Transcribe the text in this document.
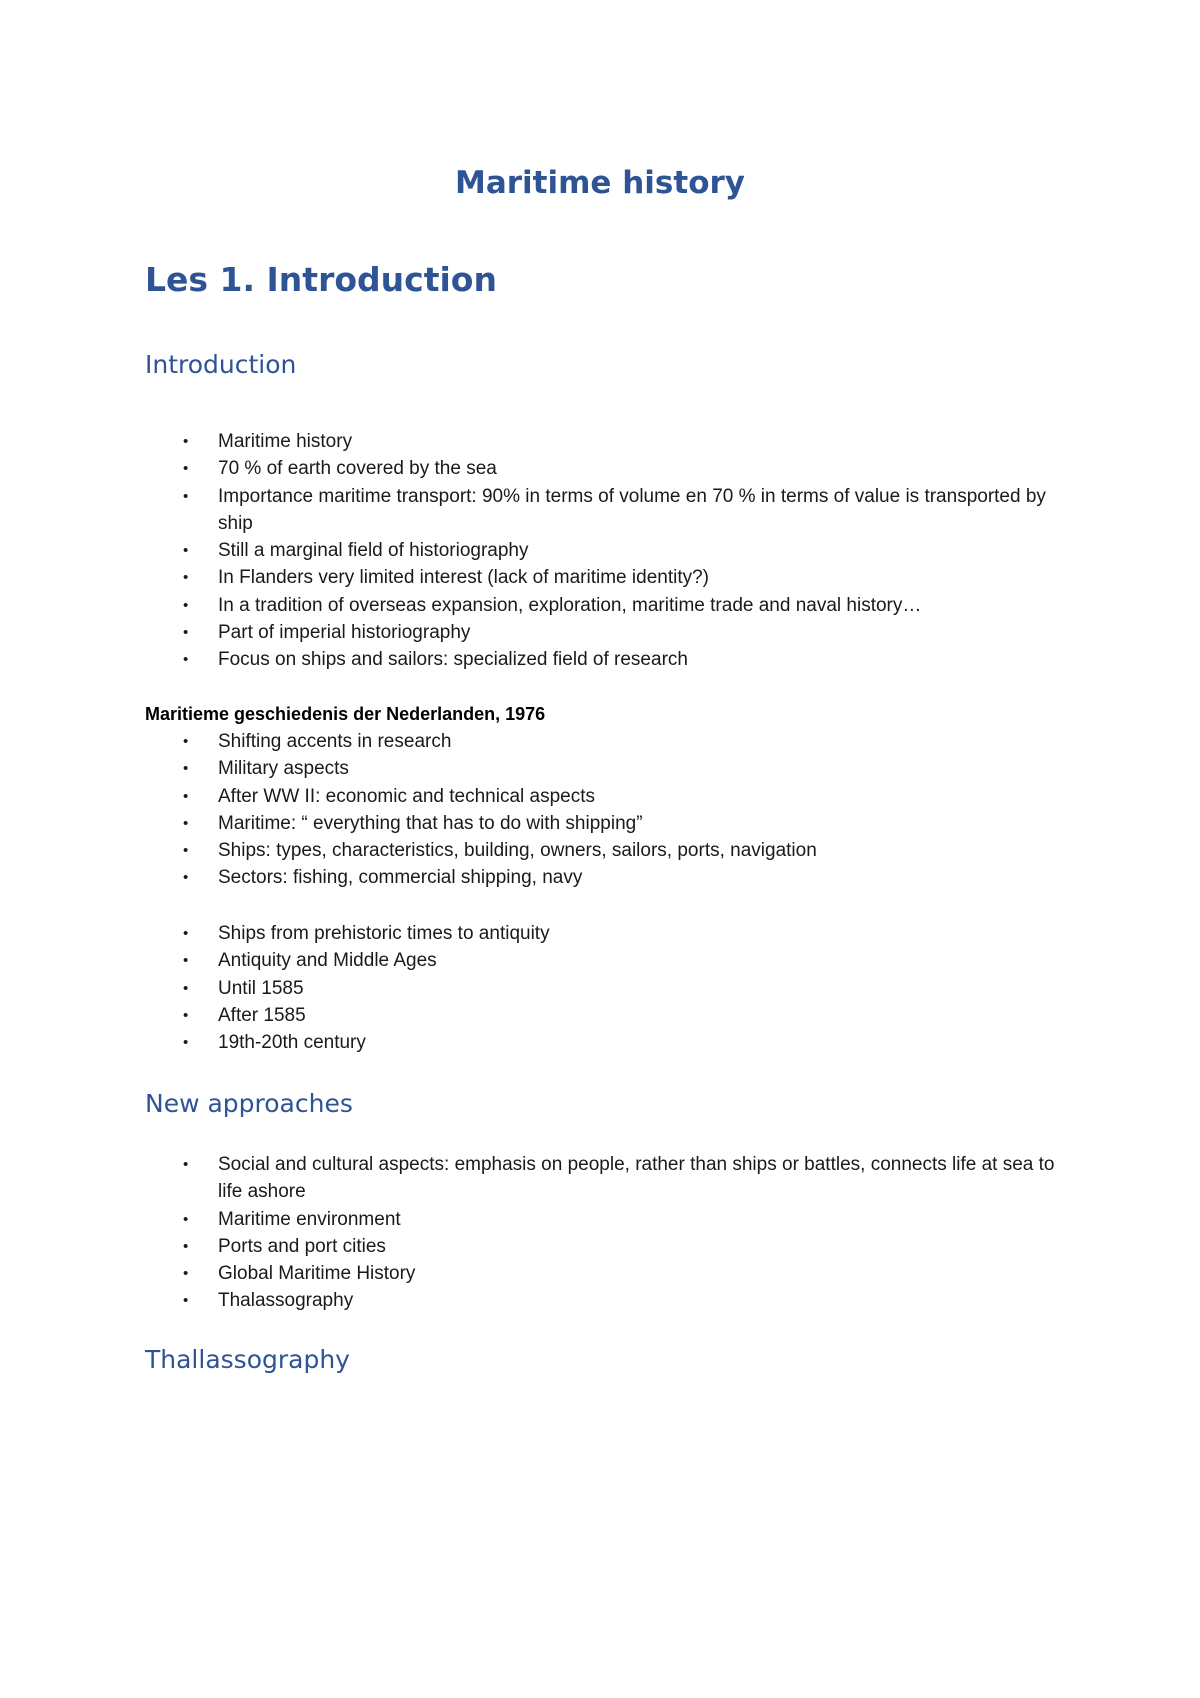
Maritime history
Les 1. Introduction
Introduction
• Maritime history
• 70 % of earth covered by the sea
• Importance maritime transport: 90% in terms of volume en 70 % in terms of value is transported by ship
• Still a marginal field of historiography
• In Flanders very limited interest (lack of maritime identity?)
• In a tradition of overseas expansion, exploration, maritime trade and naval history…
• Part of imperial historiography
• Focus on ships and sailors: specialized field of research

Maritieme geschiedenis der Nederlanden, 1976

• Shifting accents in research
• Military aspects
• After WW II: economic and technical aspects
• Maritime: “ everything that has to do with shipping”
• Ships: types, characteristics, building, owners, sailors, ports, navigation
• Sectors: fishing, commercial shipping, navy
• Ships from prehistoric times to antiquity
• Antiquity and Middle Ages
• Until 1585
• After 1585
• 19th-20th century
New approaches
• Social and cultural aspects: emphasis on people, rather than ships or battles, connects life at sea to life ashore
• Maritime environment
• Ports and port cities
• Global Maritime History
• Thalassography
Thallassography
